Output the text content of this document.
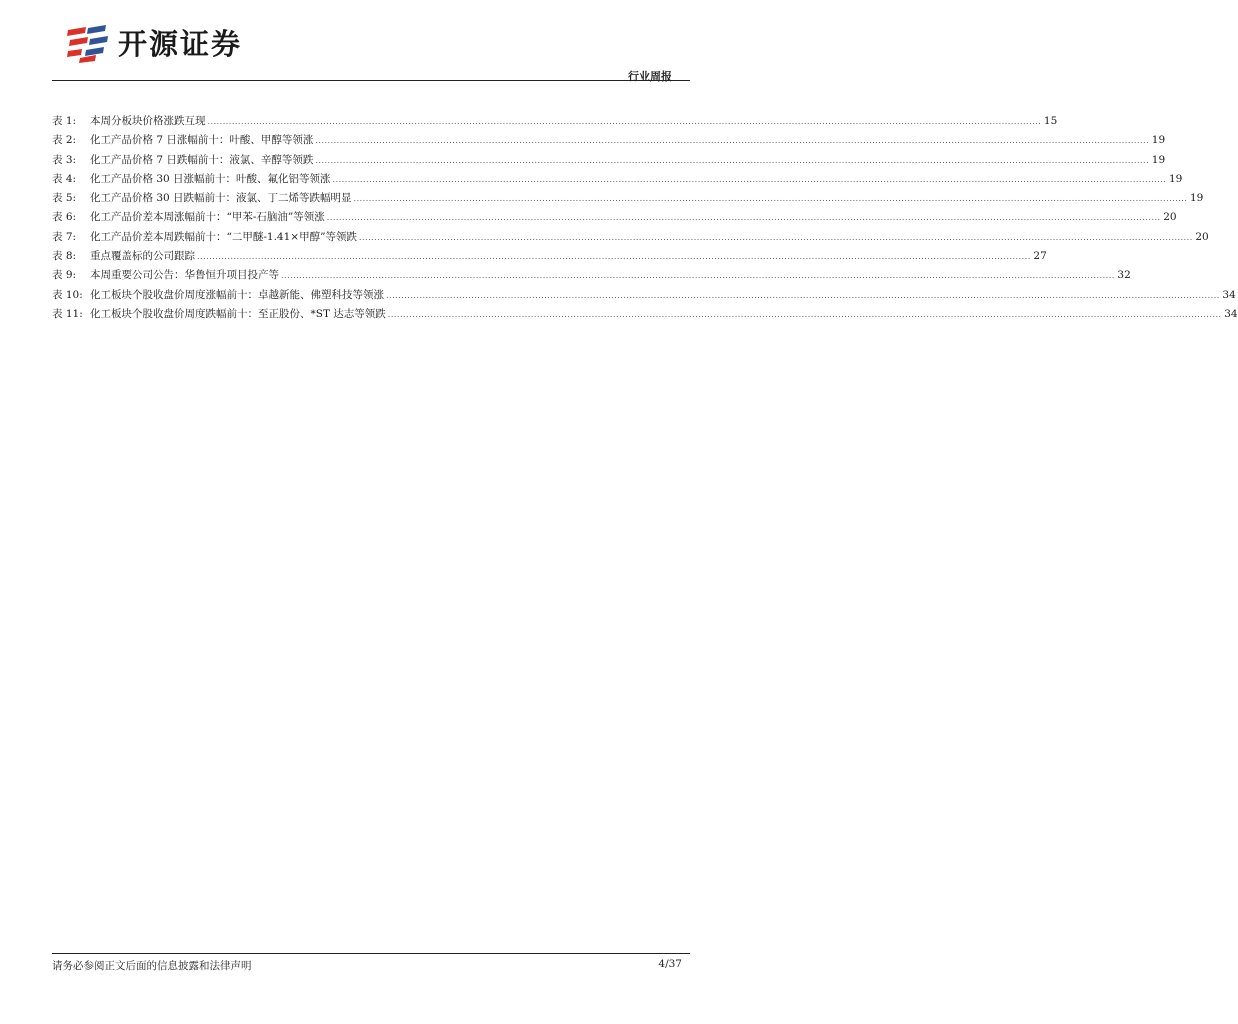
开源证券
行业周报
表 1:	本周分板块价格涨跌互现 .....	15
表 2:	化工产品价格 7 日涨幅前十：叶酸、甲醇等领涨 .....	19
表 3:	化工产品价格 7 日跌幅前十：液氯、辛醇等领跌 .....	19
表 4:	化工产品价格 30 日涨幅前十：叶酸、氟化铝等领涨 .....	19
表 5:	化工产品价格 30 日跌幅前十：液氯、丁二烯等跌幅明显 .....	19
表 6:	化工产品价差本周涨幅前十：“甲苯-石脑油”等领涨 .....	20
表 7:	化工产品价差本周跌幅前十：“二甲醚-1.41×甲醇”等领跌 .....	20
表 8:	重点覆盖标的公司跟踪 .....	27
表 9:	本周重要公司公告：华鲁恒升项目投产等 .....	32
表 10: 化工板块个股收盘价周度涨幅前十：卓越新能、佛塑科技等领涨 .....	34
表 11: 化工板块个股收盘价周度跌幅前十：至正股份、*ST 达志等领跌 .....	34
请务必参阅正文后面的信息披露和法律声明	4/37
